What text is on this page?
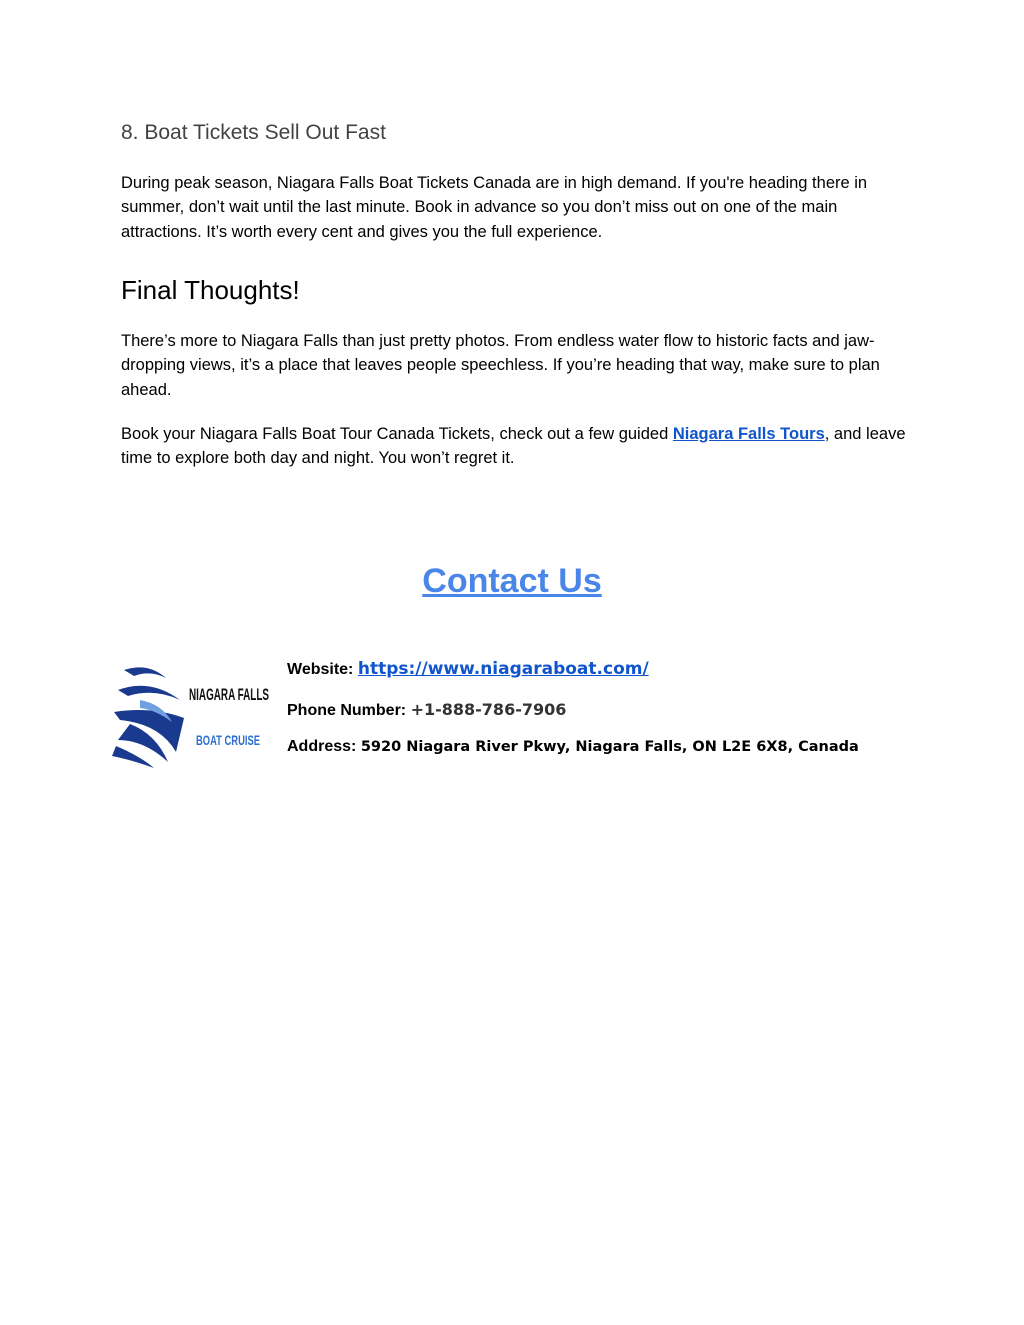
8. Boat Tickets Sell Out Fast

During peak season, Niagara Falls Boat Tickets Canada are in high demand. If you're heading there in summer, don’t wait until the last minute. Book in advance so you don’t miss out on one of the main attractions. It’s worth every cent and gives you the full experience.

Final Thoughts!

There’s more to Niagara Falls than just pretty photos. From endless water flow to historic facts and jaw-dropping views, it’s a place that leaves people speechless. If you’re heading that way, make sure to plan ahead.

Book your Niagara Falls Boat Tour Canada Tickets, check out a few guided Niagara Falls Tours, and leave time to explore both day and night. You won’t regret it.

Contact Us
NIAGARA FALLS
BOAT CRUISE
Website: https://www.niagaraboat.com/
Phone Number: +1-888-786-7906
Address: 5920 Niagara River Pkwy, Niagara Falls, ON L2E 6X8, Canada
